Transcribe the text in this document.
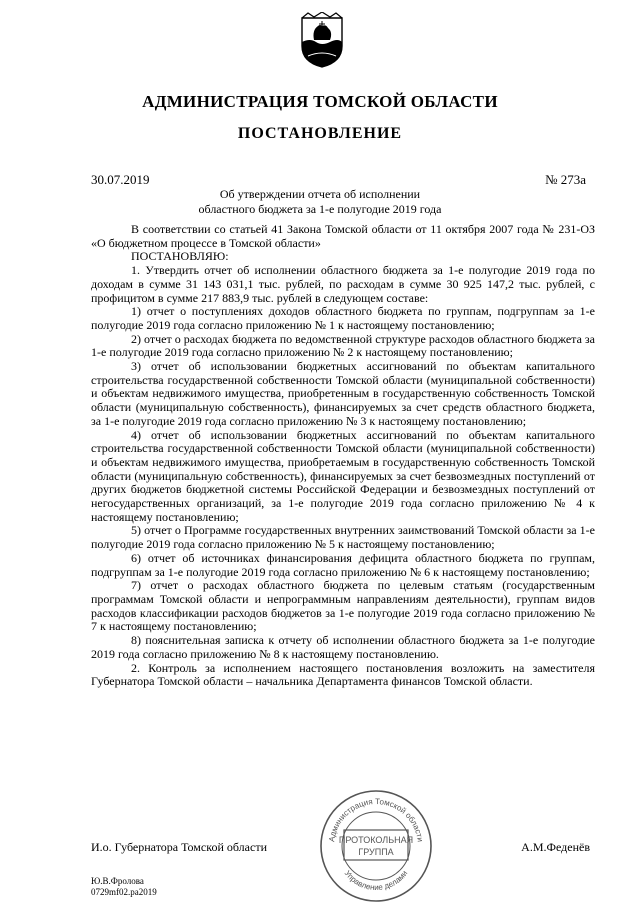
АДМИНИСТРАЦИЯ ТОМСКОЙ ОБЛАСТИ
ПОСТАНОВЛЕНИЕ
30.07.2019	№ 273а
Об утверждении отчета об исполнении
областного бюджета за 1-е полугодие 2019 года

В соответствии со статьей 41 Закона Томской области от 11 октября 2007 года № 231-ОЗ «О бюджетном процессе в Томской области»

ПОСТАНОВЛЯЮ:

1. Утвердить отчет об исполнении областного бюджета за 1-е полугодие 2019 года по доходам в сумме 31 143 031,1 тыс. рублей, по расходам в сумме 30 925 147,2 тыс. рублей, с профицитом в сумме 217 883,9 тыс. рублей в следующем составе:

1) отчет о поступлениях доходов областного бюджета по группам, подгруппам за 1-е полугодие 2019 года согласно приложению № 1 к настоящему постановлению;

2) отчет о расходах бюджета по ведомственной структуре расходов областного бюджета за 1-е полугодие 2019 года согласно приложению № 2 к настоящему постановлению;

3) отчет об использовании бюджетных ассигнований по объектам капитального строительства государственной собственности Томской области (муниципальной собственности) и объектам недвижимого имущества, приобретенным в государственную собственность Томской области (муниципальную собственность), финансируемых за счет средств областного бюджета, за 1-е полугодие 2019 года согласно приложению № 3 к настоящему постановлению;

4) отчет об использовании бюджетных ассигнований по объектам капитального строительства государственной собственности Томской области (муниципальной собственности) и объектам недвижимого имущества, приобретаемым в государственную собственность Томской области (муниципальную собственность), финансируемых за счет безвозмездных поступлений от других бюджетов бюджетной системы Российской Федерации и безвозмездных поступлений от негосударственных организаций, за 1-е полугодие 2019 года согласно приложению № 4 к настоящему постановлению;

5) отчет о Программе государственных внутренних заимствований Томской области за 1-е полугодие 2019 года согласно приложению № 5 к настоящему постановлению;

6) отчет об источниках финансирования дефицита областного бюджета по группам, подгруппам за 1-е полугодие 2019 года согласно приложению № 6 к настоящему постановлению;

7) отчет о расходах областного бюджета по целевым статьям (государственным программам Томской области и непрограммным направлениям деятельности), группам видов расходов классификации расходов бюджетов за 1-е полугодие 2019 года согласно приложению № 7 к настоящему постановлению;

8) пояснительная записка к отчету об исполнении областного бюджета за 1-е полугодие 2019 года согласно приложению № 8 к настоящему постановлению.

2. Контроль за исполнением настоящего постановления возложить на заместителя Губернатора Томской области – начальника Департамента финансов Томской области.

Администрация Томской области
Управление делами
ПРОТОКОЛЬНАЯ
ГРУППА
И.о. Губернатора Томской области	А.М.Феденёв
Ю.В.Фролова
0729mf02.ра2019
